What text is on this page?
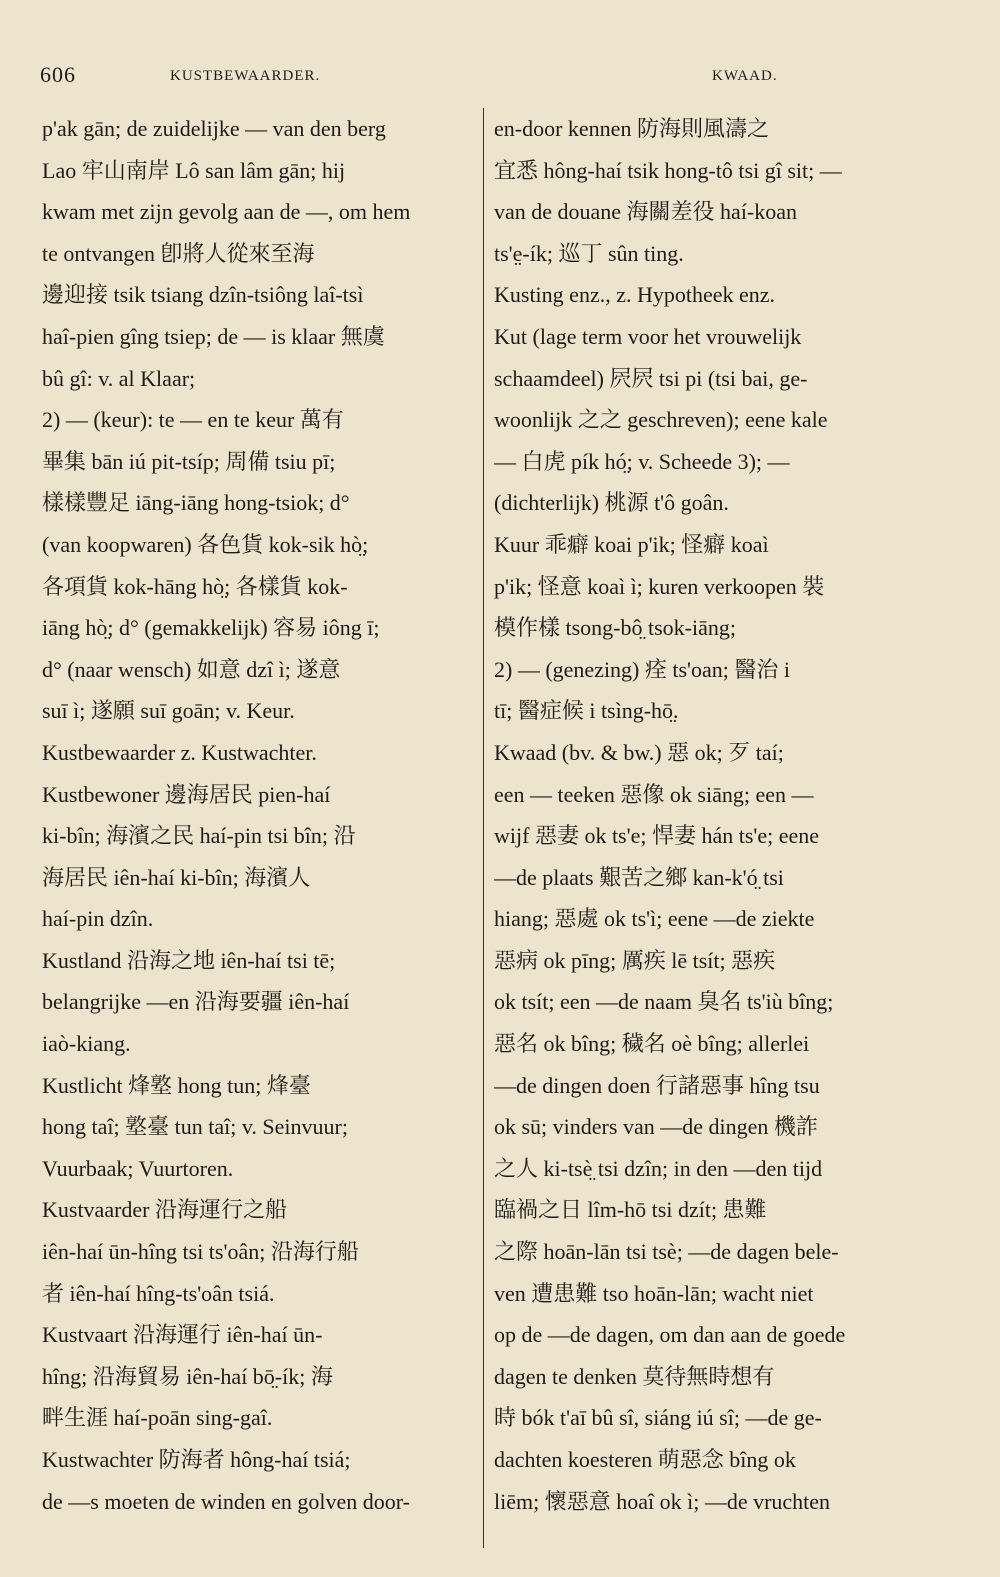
606	KUSTBEWAARDER.	KWAAD.
p'ak gān; de zuidelijke — van den berg
Lao 牢山南岸 Lô san lâm gān; hij
kwam met zijn gevolg aan de —, om hem
te ontvangen 卽將人從來至海
邊迎接 tsik tsiang dzîn-tsiông laî-tsì
haî-pien gîng tsiep; de — is klaar 無虞
bû gî: v. al Klaar;
2) — (keur): te — en te keur 萬有
畢集 bān iú pit-tsíp; 周備 tsiu pī;
樣樣豐足 iāng-iāng hong-tsiok; d°
(van koopwaren) 各色貨 kok-sik hò̤;
各項貨 kok-hāng hò̤; 各樣貨 kok-
iāng hò̤; d° (gemakkelijk) 容易 iông ī;
d° (naar wensch) 如意 dzî ì; 遂意
suī ì; 遂願 suī goān; v. Keur.
Kustbewaarder z. Kustwachter.
Kustbewoner 邊海居民 pien-haí
ki-bîn; 海濱之民 haí-pin tsi bîn; 沿
海居民 iên-haí ki-bîn; 海濱人
haí-pin dzîn.
Kustland 沿海之地 iên-haí tsi tē;
belangrijke —en 沿海要疆 iên-haí
iaò-kiang.
Kustlicht 烽墪 hong tun; 烽臺
hong taî; 墪臺 tun taî; v. Seinvuur;
Vuurbaak; Vuurtoren.
Kustvaarder 沿海運行之船
iên-haí ūn-hîng tsi ts'oân; 沿海行船
者 iên-haí hîng-ts'oân tsiá.
Kustvaart 沿海運行 iên-haí ūn-
hîng; 沿海貿易 iên-haí bō̤-ík; 海
畔生涯 haí-poān sing-gaî.
Kustwachter 防海者 hông-haí tsiá;
de —s moeten de winden en golven door-
en-door kennen 防海則風濤之
宜悉 hông-haí tsik hong-tô tsi gî sit; —
van de douane 海關差役 haí-koan
ts'e̤-ík; 巡丁 sûn ting.
Kusting enz., z. Hypotheek enz.
Kut (lage term voor het vrouwelijk
schaamdeel) 屄屄 tsi pi (tsi bai, ge-
woonlijk 之之 geschreven); eene kale
— 白虎 pík hó̤; v. Scheede 3); —
(dichterlijk) 桃源 t'ô goân.
Kuur 乖癖 koai p'ik; 怪癖 koaì
p'ik; 怪意 koaì ì; kuren verkoopen 裝
模作樣 tsong-bô̤ tsok-iāng;
2) — (genezing) 痊 ts'oan; 醫治 i
tī; 醫症候 i tsìng-hō̤.
Kwaad (bv. & bw.) 惡 ok; 歹 taí;
een — teeken 惡像 ok siāng; een —
wijf 惡妻 ok ts'e; 悍妻 hán ts'e; eene
—de plaats 艱苦之鄉 kan-k'ó̤ tsi
hiang; 惡處 ok ts'ì; eene —de ziekte
惡病 ok pīng; 厲疾 lē tsít; 惡疾
ok tsít; een —de naam 臭名 ts'iù bîng;
惡名 ok bîng; 穢名 oè bîng; allerlei
—de dingen doen 行諸惡事 hîng tsu
ok sū; vinders van —de dingen 機詐
之人 ki-tsè̤ tsi dzîn; in den —den tijd
臨禍之日 lîm-hō tsi dzít; 患難
之際 hoān-lān tsi tsè; —de dagen bele-
ven 遭患難 tso hoān-lān; wacht niet
op de —de dagen, om dan aan de goede
dagen te denken 莫待無時想有
時 bók t'aī bû sî, siáng iú sî; —de ge-
dachten koesteren 萌惡念 bîng ok
liēm; 懷惡意 hoaî ok ì; —de vruchten
